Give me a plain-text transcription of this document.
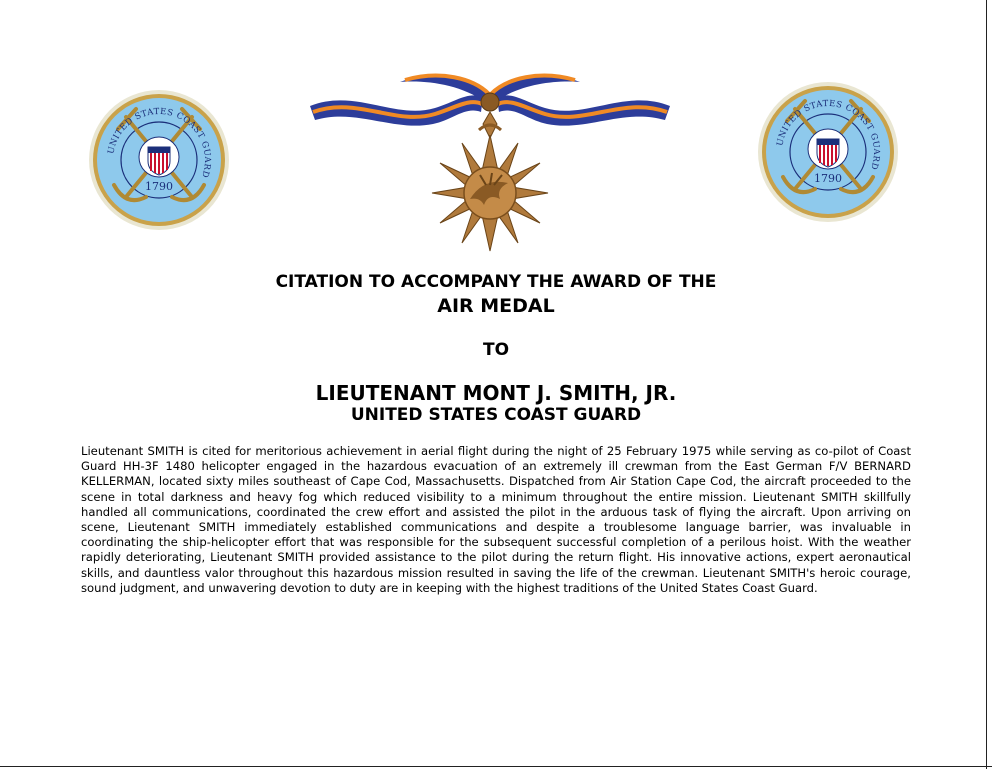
UNITED STATES COAST GUARD
1790
UNITED STATES COAST GUARD
1790
CITATION TO ACCOMPANY THE AWARD OF THE
AIR MEDAL
TO
LIEUTENANT MONT J. SMITH, JR.
UNITED STATES COAST GUARD
Lieutenant SMITH is cited for meritorious achievement in aerial flight during the night of 25 February 1975 while serving as co-pilot of Coast Guard HH-3F 1480 helicopter engaged in the hazardous evacuation of an extremely ill crewman from the East German F/V BERNARD KELLERMAN, located sixty miles southeast of Cape Cod, Massachusetts. Dispatched from Air Station Cape Cod, the aircraft proceeded to the scene in total darkness and heavy fog which reduced visibility to a minimum throughout the entire mission. Lieutenant SMITH skillfully handled all communications, coordinated the crew effort and assisted the pilot in the arduous task of flying the aircraft. Upon arriving on scene, Lieutenant SMITH immediately established communications and despite a troublesome language barrier, was invaluable in coordinating the ship-helicopter effort that was responsible for the subsequent successful completion of a perilous hoist. With the weather rapidly deteriorating, Lieutenant SMITH provided assistance to the pilot during the return flight. His innovative actions, expert aeronautical skills, and dauntless valor throughout this hazardous mission resulted in saving the life of the crewman. Lieutenant SMITH's heroic courage, sound judgment, and unwavering devotion to duty are in keeping with the highest traditions of the United States Coast Guard.
